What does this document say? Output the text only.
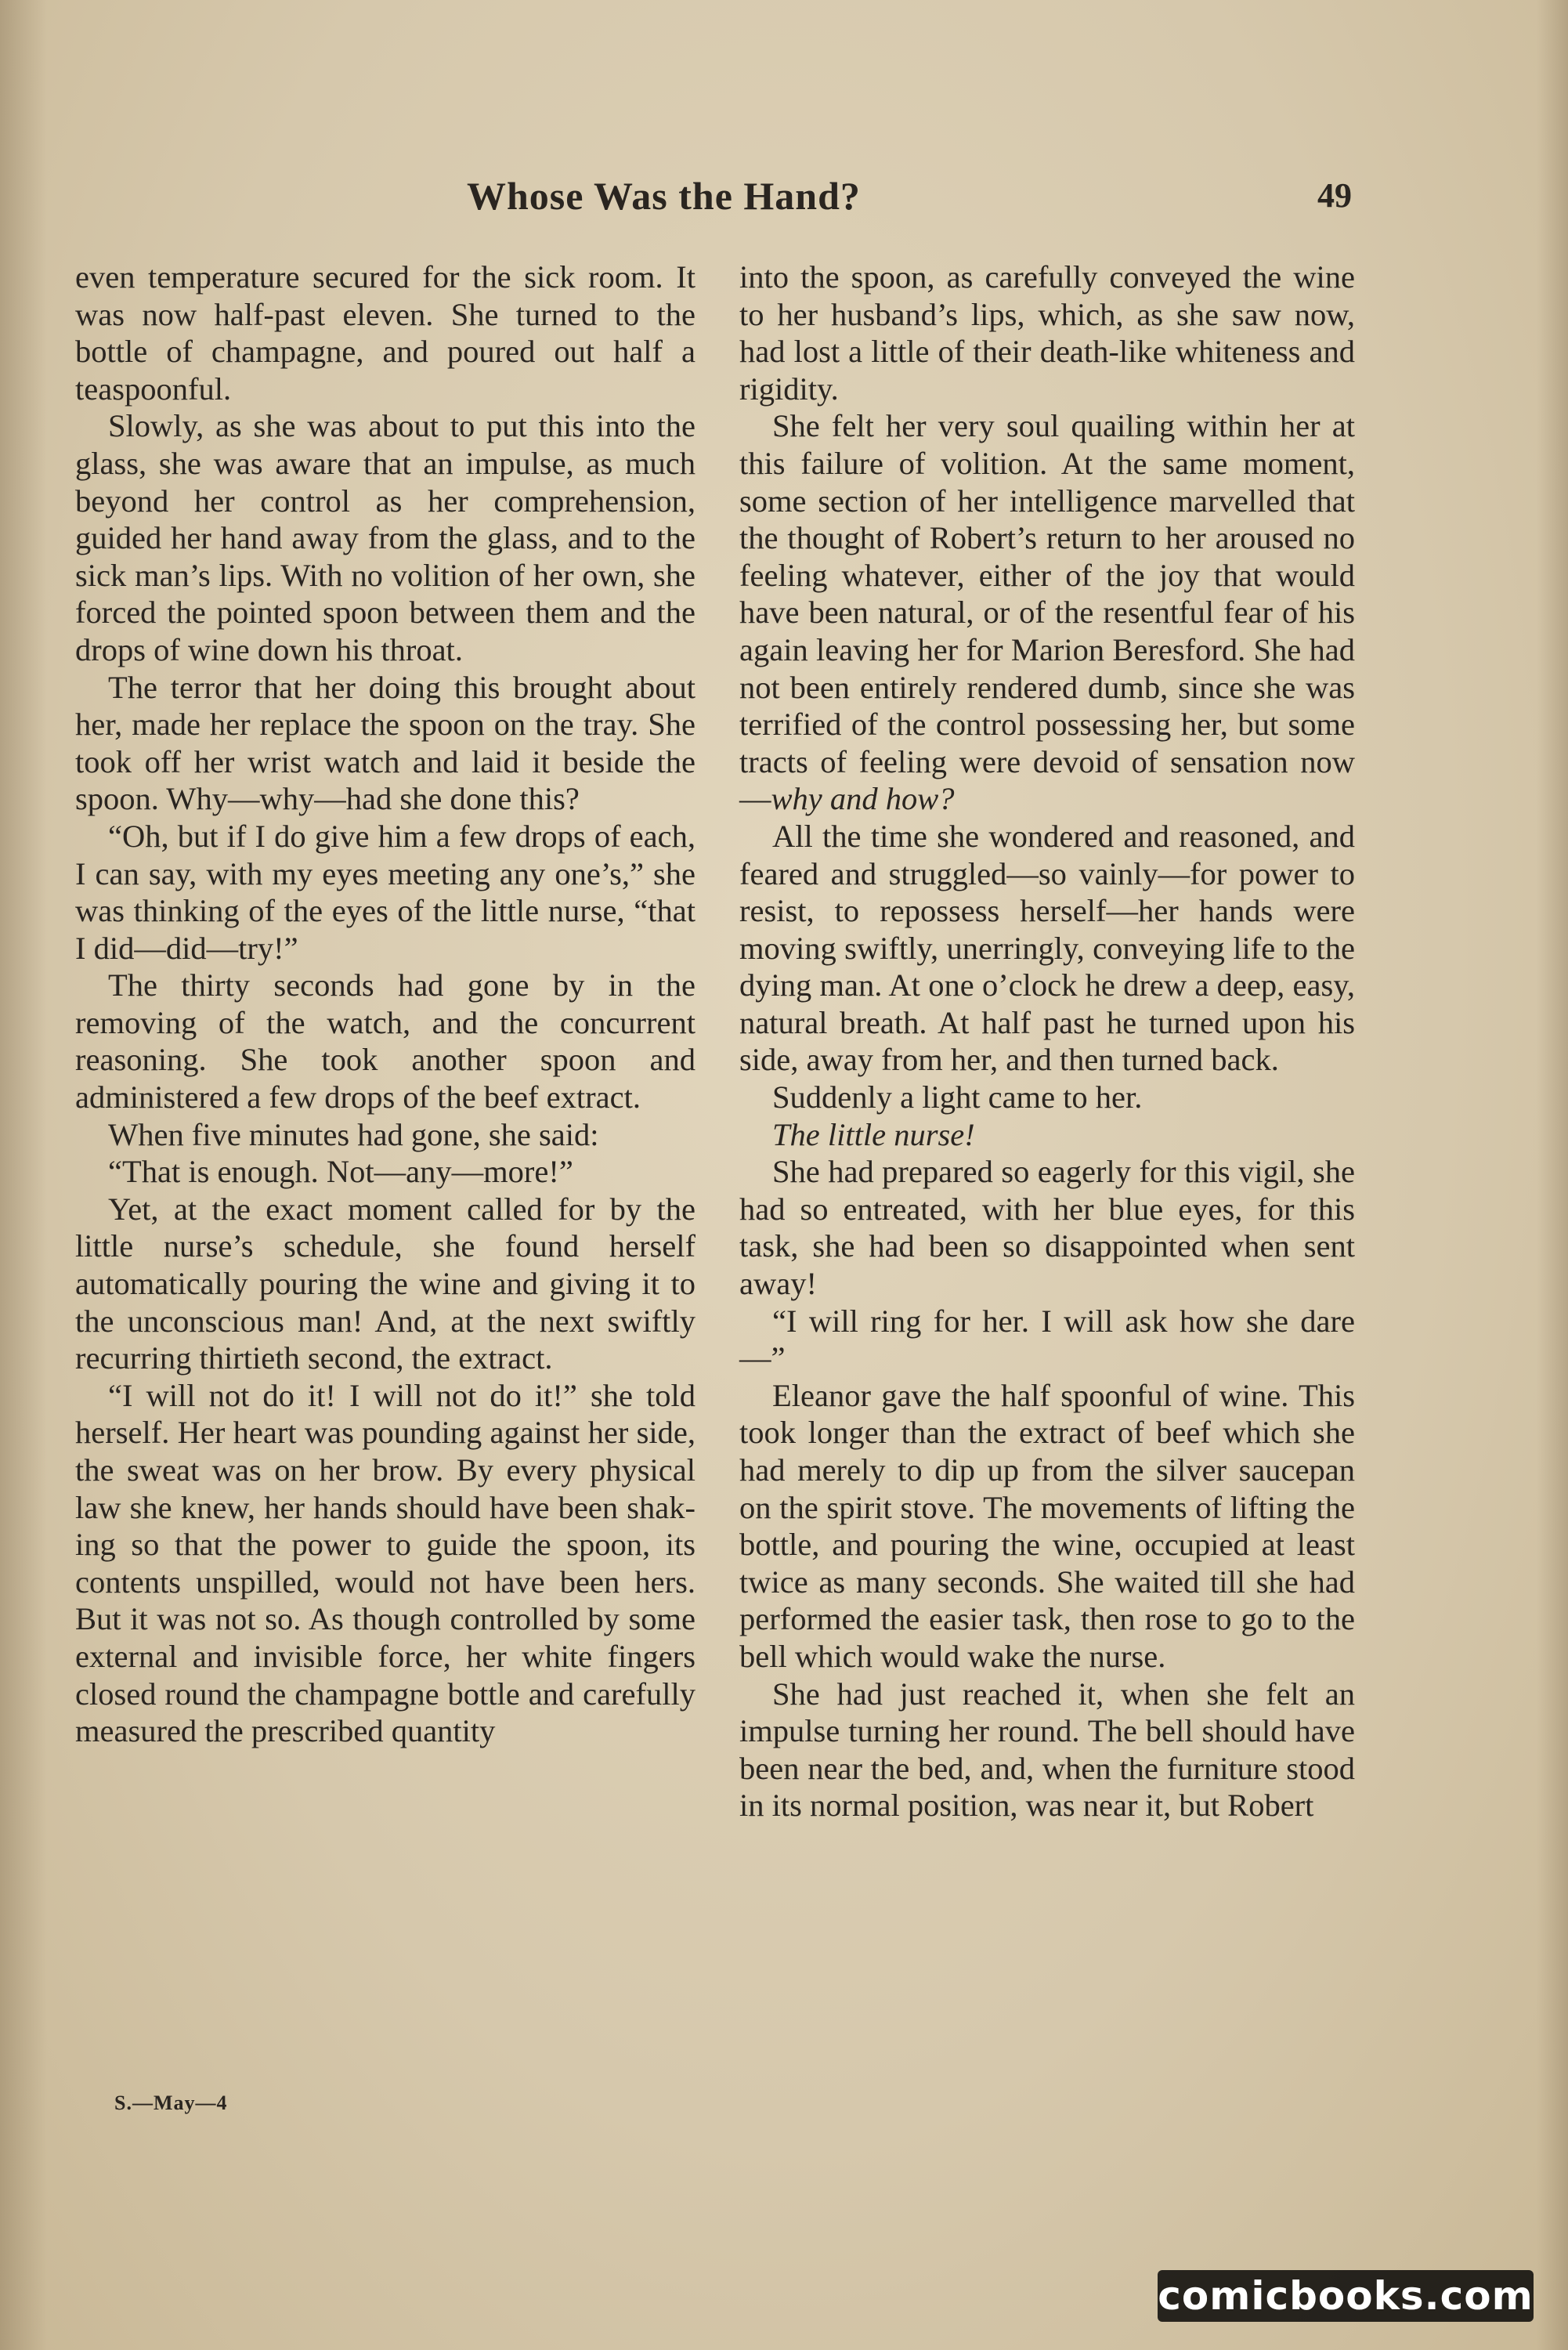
Whose Was the Hand?	49

even temperature secured for the sick room. It was now half-past eleven. She turned to the bottle of champagne, and poured out half a teaspoonful.

Slowly, as she was about to put this into the glass, she was aware that an impulse, as much beyond her control as her comprehension, guided her hand away from the glass, and to the sick man’s lips. With no volition of her own, she forced the pointed spoon between them and the drops of wine down his throat.

The terror that her doing this brought about her, made her replace the spoon on the tray. She took off her wrist watch and laid it beside the spoon. Why—why—had she done this?

“Oh, but if I do give him a few drops of each, I can say, with my eyes meeting any one’s,” she was thinking of the eyes of the little nurse, “that I did—did—try!”

The thirty seconds had gone by in the removing of the watch, and the concurrent reasoning. She took another spoon and administered a few drops of the beef extract.

When five minutes had gone, she said:

“That is enough. Not—any—more!”

Yet, at the exact moment called for by the little nurse’s schedule, she found herself automatically pouring the wine and giving it to the unconscious man! And, at the next swiftly recurring thirtieth second, the extract.

“I will not do it! I will not do it!” she told herself. Her heart was pounding against her side, the sweat was on her brow. By every physical law she knew, her hands should have been shaking so that the power to guide the spoon, its contents unspilled, would not have been hers. But it was not so. As though controlled by some external and invisible force, her white fingers closed round the champagne bottle and carefully measured the prescribed quantity

into the spoon, as carefully conveyed the wine to her husband’s lips, which, as she saw now, had lost a little of their death-like whiteness and rigidity.

She felt her very soul quailing within her at this failure of volition. At the same moment, some section of her intelligence marvelled that the thought of Robert’s return to her aroused no feeling whatever, either of the joy that would have been natural, or of the resentful fear of his again leaving her for Marion Beresford. She had not been entirely rendered dumb, since she was terrified of the control possessing her, but some tracts of feeling were devoid of sensation now—why and how?

All the time she wondered and reasoned, and feared and struggled—so vainly—for power to resist, to repossess herself—her hands were moving swiftly, unerringly, conveying life to the dying man. At one o’clock he drew a deep, easy, natural breath. At half past he turned upon his side, away from her, and then turned back.

Suddenly a light came to her.

The little nurse!

She had prepared so eagerly for this vigil, she had so entreated, with her blue eyes, for this task, she had been so disappointed when sent away!

“I will ring for her. I will ask how she dare—”

Eleanor gave the half spoonful of wine. This took longer than the extract of beef which she had merely to dip up from the silver saucepan on the spirit stove. The movements of lifting the bottle, and pouring the wine, occupied at least twice as many seconds. She waited till she had performed the easier task, then rose to go to the bell which would wake the nurse.

She had just reached it, when she felt an impulse turning her round. The bell should have been near the bed, and, when the furniture stood in its normal position, was near it, but Robert

S.—May—4
comicbooks.com
